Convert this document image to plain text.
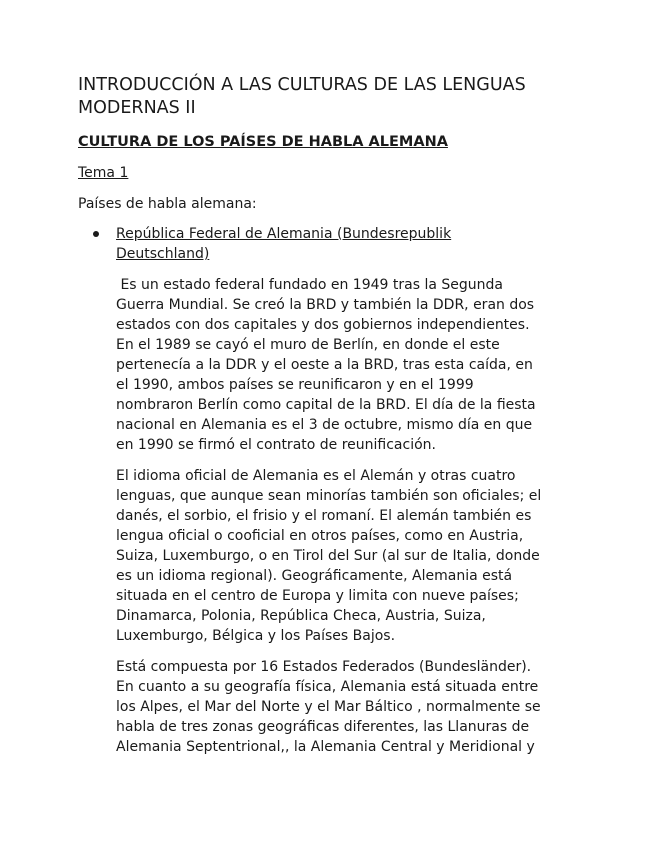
INTRODUCCIÓN A LAS CULTURAS DE LAS LENGUAS
MODERNAS II
CULTURA DE LOS PAÍSES DE HABLA ALEMANA

Tema 1

Países de habla alemana:

República Federal de Alemania (Bundesrepublik
Deutschland)

Es un estado federal fundado en 1949 tras la Segunda
Guerra Mundial. Se creó la BRD y también la DDR, eran dos
estados con dos capitales y dos gobiernos independientes.
En el 1989 se cayó el muro de Berlín, en donde el este
pertenecía a la DDR y el oeste a la BRD, tras esta caída, en
el 1990, ambos países se reunificaron y en el 1999
nombraron Berlín como capital de la BRD. El día de la fiesta
nacional en Alemania es el 3 de octubre, mismo día en que
en 1990 se firmó el contrato de reunificación.

El idioma oficial de Alemania es el Alemán y otras cuatro
lenguas, que aunque sean minorías también son oficiales; el
danés, el sorbio, el frisio y el romaní. El alemán también es
lengua oficial o cooficial en otros países, como en Austria,
Suiza, Luxemburgo, o en Tirol del Sur (al sur de Italia, donde
es un idioma regional). Geográficamente, Alemania está
situada en el centro de Europa y limita con nueve países;
Dinamarca, Polonia, República Checa, Austria, Suiza,
Luxemburgo, Bélgica y los Países Bajos.

Está compuesta por 16 Estados Federados (Bundesländer).
En cuanto a su geografía física, Alemania está situada entre
los Alpes, el Mar del Norte y el Mar Báltico , normalmente se
habla de tres zonas geográficas diferentes, las Llanuras de
Alemania Septentrional,, la Alemania Central y Meridional y
